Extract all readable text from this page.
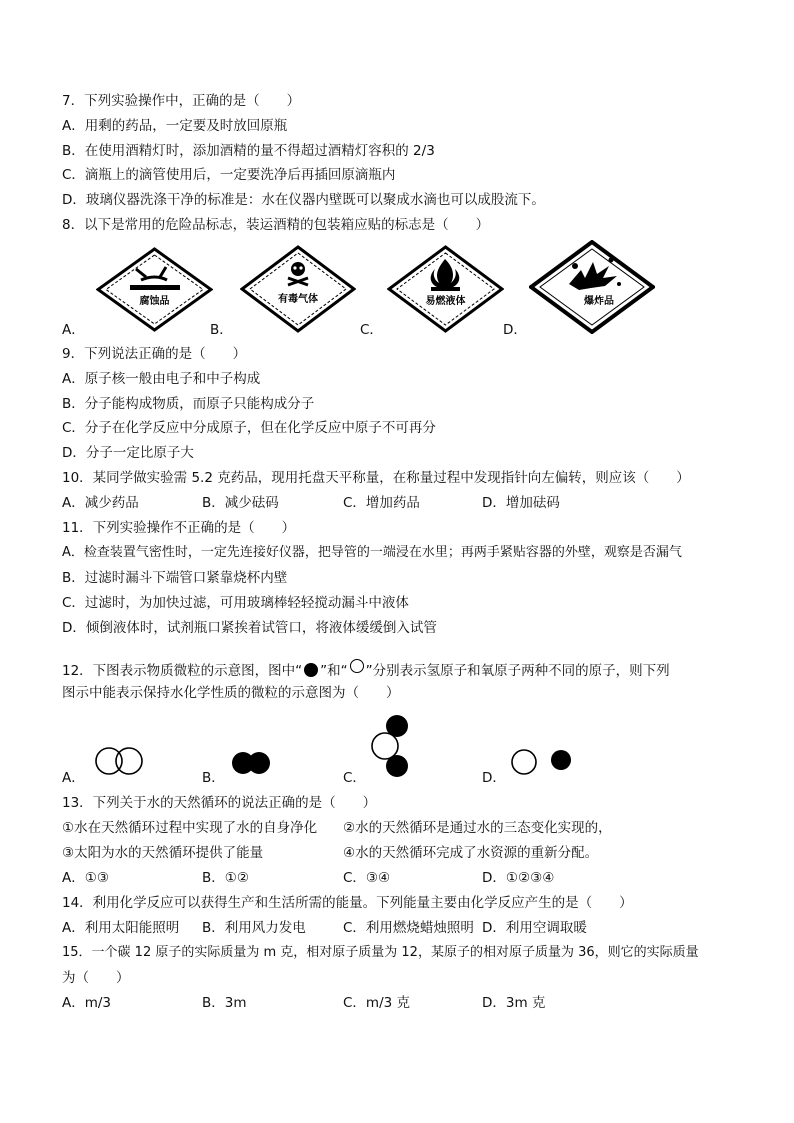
7．下列实验操作中，正确的是（　　）
A．用剩的药品，一定要及时放回原瓶
B．在使用酒精灯时，添加酒精的量不得超过酒精灯容积的 2/3
C．滴瓶上的滴管使用后，一定要洗净后再插回原滴瓶内
D．玻璃仪器洗涤干净的标准是：水在仪器内壁既可以聚成水滴也可以成股流下。
8．以下是常用的危险品标志，装运酒精的包装箱应贴的标志是（　　）
A．	B．	C．	D．
腐蚀品	有毒气体	易燃液体	爆炸品
9．下列说法正确的是（　　）
A．原子核一般由电子和中子构成
B．分子能构成物质，而原子只能构成分子
C．分子在化学反应中分成原子，但在化学反应中原子不可再分
D．分子一定比原子大
10．某同学做实验需 5.2 克药品，现用托盘天平称量，在称量过程中发现指针向左偏转，则应该（　　）
A．减少药品	B．减少砝码	C．增加药品	D．增加砝码
11．下列实验操作不正确的是（　　）
A．检查装置气密性时，一定先连接好仪器，把导管的一端浸在水里；再两手紧贴容器的外壁，观察是否漏气
B．过滤时漏斗下端管口紧靠烧杯内壁
C．过滤时，为加快过滤，可用玻璃棒轻轻搅动漏斗中液体
D．倾倒液体时，试剂瓶口紧挨着试管口，将液体缓缓倒入试管
12．下图表示物质微粒的示意图，图中“ ”和“ ”分别表示氢原子和氧原子两种不同的原子，则下列
图示中能表示保持水化学性质的微粒的示意图为（　　）
A．	B．	C．	D．
13．下列关于水的天然循环的说法正确的是（　　）
①水在天然循环过程中实现了水的自身净化 ②水的天然循环是通过水的三态变化实现的，
③太阳为水的天然循环提供了能量	④水的天然循环完成了水资源的重新分配。
A．①③	B．①②	C．③④	D．①②③④
14．利用化学反应可以获得生产和生活所需的能量。下列能量主要由化学反应产生的是（　　）
A．利用太阳能照明 B．利用风力发电	C．利用燃烧蜡烛照明 D．利用空调取暖
15．一个碳 12 原子的实际质量为 m 克，相对原子质量为 12，某原子的相对原子质量为 36，则它的实际质量
为（　　）
A．m/3	B．3m	C．m/3 克	D．3m 克
